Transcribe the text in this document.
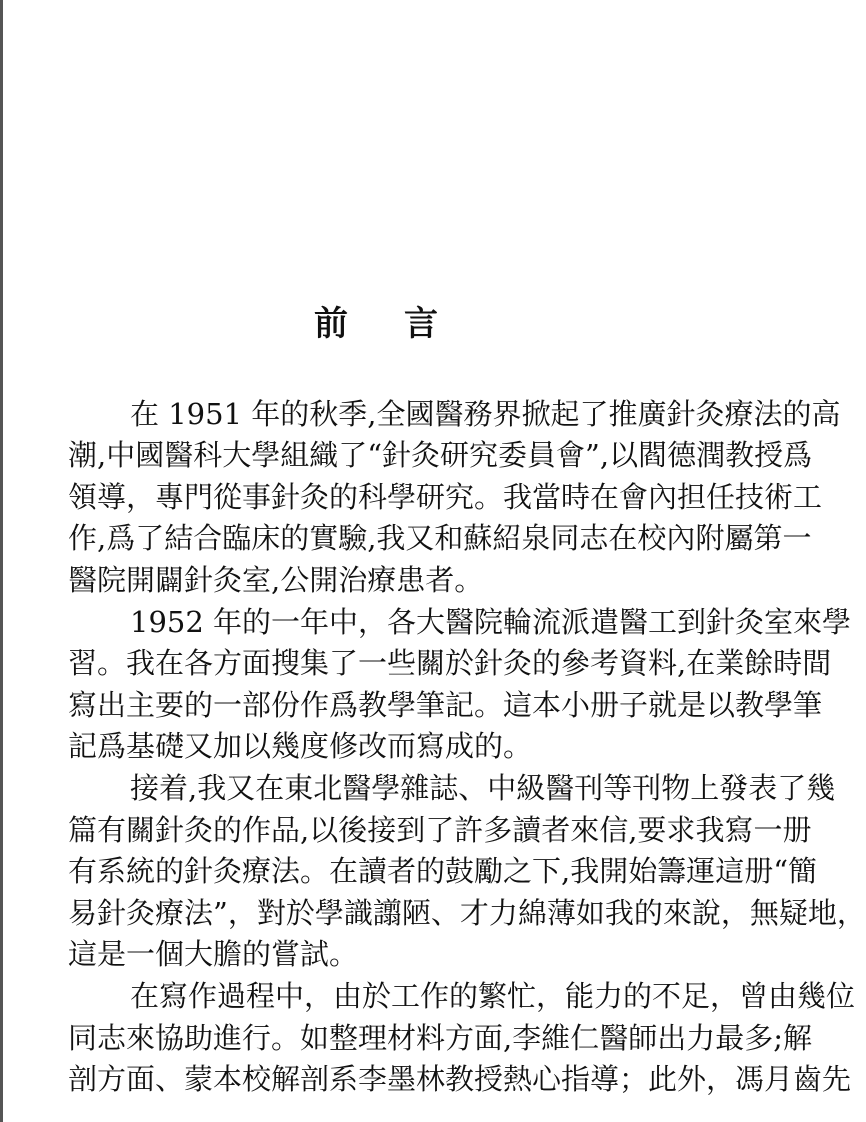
前 言
在 1951 年的秋季,全國醫務界掀起了推廣針灸療法的高
潮,中國醫科大學組織了“針灸研究委員會”,以閻德潤教授爲
領導，專門從事針灸的科學研究。我當時在會內担任技術工
作,爲了結合臨床的實驗,我又和蘇紹泉同志在校內附屬第一
醫院開闢針灸室,公開治療患者。
1952 年的一年中，各大醫院輪流派遣醫工到針灸室來學
習。我在各方面搜集了一些關於針灸的參考資料,在業餘時間
寫出主要的一部份作爲教學筆記。這本小册子就是以教學筆
記爲基礎又加以幾度修改而寫成的。
接着,我又在東北醫學雜誌、中級醫刊等刊物上發表了幾
篇有關針灸的作品,以後接到了許多讀者來信,要求我寫一册
有系統的針灸療法。在讀者的鼓勵之下,我開始籌運這册“簡
易針灸療法”，對於學識譾陋、才力綿薄如我的來說，無疑地，
這是一個大膽的嘗試。
在寫作過程中，由於工作的繁忙，能力的不足，曾由幾位
同志來協助進行。如整理材料方面,李維仁醫師出力最多;解
剖方面、蒙本校解剖系李墨林教授熱心指導；此外，馮月齒先
